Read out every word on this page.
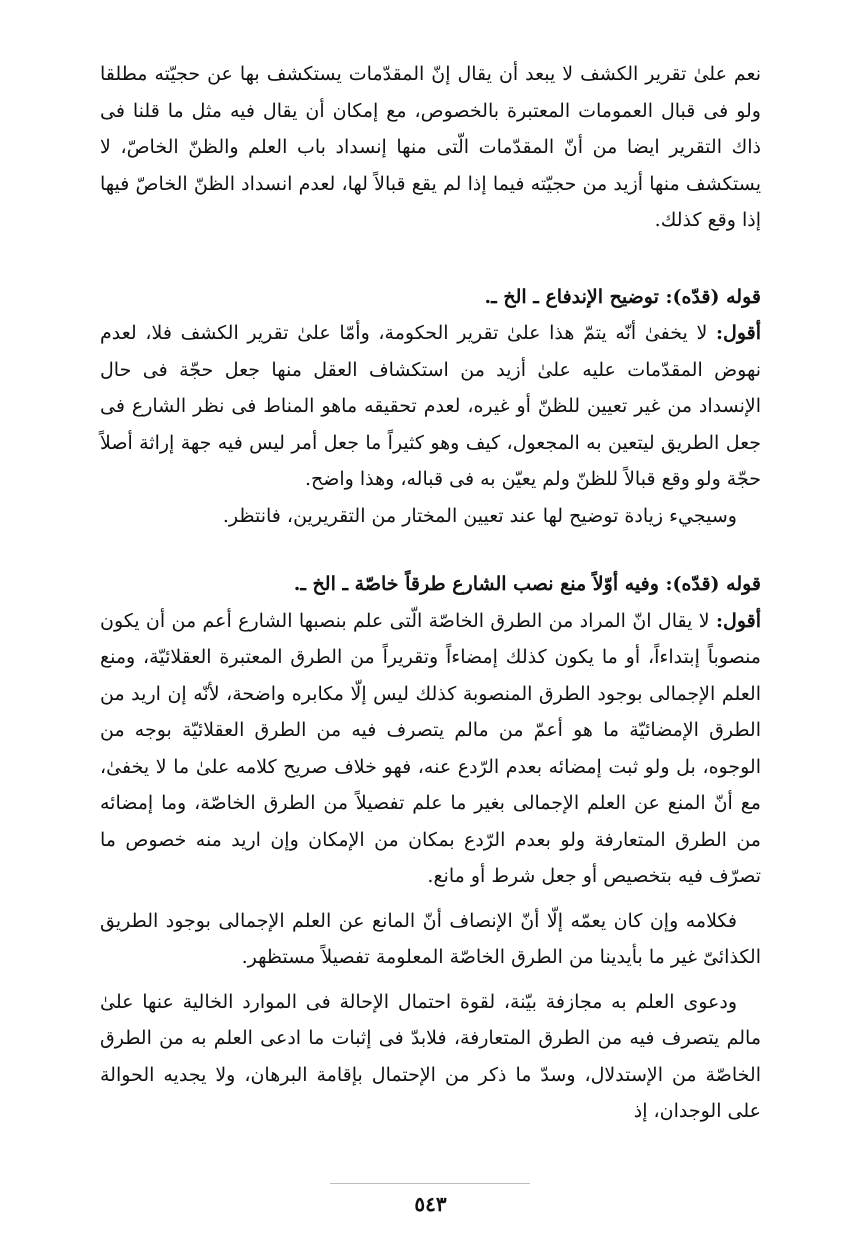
نعم علىٰ تقرير الكشف لا يبعد أن يقال إنّ المقدّمات يستكشف بها عن حجيّته مطلقا ولو فى قبال العمومات المعتبرة بالخصوص، مع إمكان أن يقال فيه مثل ما قلنا فى ذاك التقرير ايضا من أنّ المقدّمات الّتى منها إنسداد باب العلم والظنّ الخاصّ، لا يستكشف منها أزيد من حجيّته فيما إذا لم يقع قبالاً لها، لعدم انسداد الظنّ الخاصّ فيها إذا وقع كذلك.

قوله (قدّه): توضيح الإندفاع ـ الخ ـ.

أقول: لا يخفىٰ أنّه يتمّ هذا علىٰ تقرير الحكومة، وأمّا علىٰ تقرير الكشف فلا، لعدم نهوض المقدّمات عليه علىٰ أزيد من استكشاف العقل منها جعل حجّة فى حال الإنسداد من غير تعيين للظنّ أو غيره، لعدم تحقيقه ماهو المناط فى نظر الشارع فى جعل الطريق ليتعين به المجعول، كيف وهو كثيراً ما جعل أمر ليس فيه جهة إراثة أصلاً حجّة ولو وقع قبالاً للظنّ ولم يعيّن به فى قباله، وهذا واضح.

وسيجيء زيادة توضيح لها عند تعيين المختار من التقريرين، فانتظر.

قوله (قدّه): وفيه أوّلاً منع نصب الشارع طرقاً خاصّة ـ الخ ـ.

أقول: لا يقال انّ المراد من الطرق الخاصّة الّتى علم بنصبها الشارع أعم من أن يكون منصوباً إبتداءاً، أو ما يكون كذلك إمضاءاً وتقريراً من الطرق المعتبرة العقلائيّة، ومنع العلم الإجمالى بوجود الطرق المنصوبة كذلك ليس إلّا مكابره واضحة، لأنّه إن اريد من الطرق الإمضائيّة ما هو أعمّ من مالم يتصرف فيه من الطرق العقلائيّة بوجه من الوجوه، بل ولو ثبت إمضائه بعدم الرّدع عنه، فهو خلاف صريح كلامه علىٰ ما لا يخفىٰ، مع أنّ المنع عن العلم الإجمالى بغير ما علم تفصيلاً من الطرق الخاصّة، وما إمضائه من الطرق المتعارفة ولو بعدم الرّدع بمكان من الإمكان وإن اريد منه خصوص ما تصرّف فيه بتخصيص أو جعل شرط أو مانع.

فكلامه وإن كان يعمّه إلّا أنّ الإنصاف أنّ المانع عن العلم الإجمالى بوجود الطريق الكذائىّ غير ما بأيدينا من الطرق الخاصّة المعلومة تفصيلاً مستظهر.

ودعوى العلم به مجازفة بيّنة، لقوة احتمال الإحالة فى الموارد الخالية عنها علىٰ مالم يتصرف فيه من الطرق المتعارفة، فلابدّ فى إثبات ما ادعى العلم به من الطرق الخاصّة من الإستدلال، وسدّ ما ذكر من الإحتمال بإقامة البرهان، ولا يجديه الحوالة على الوجدان، إذ

٥٤٣
